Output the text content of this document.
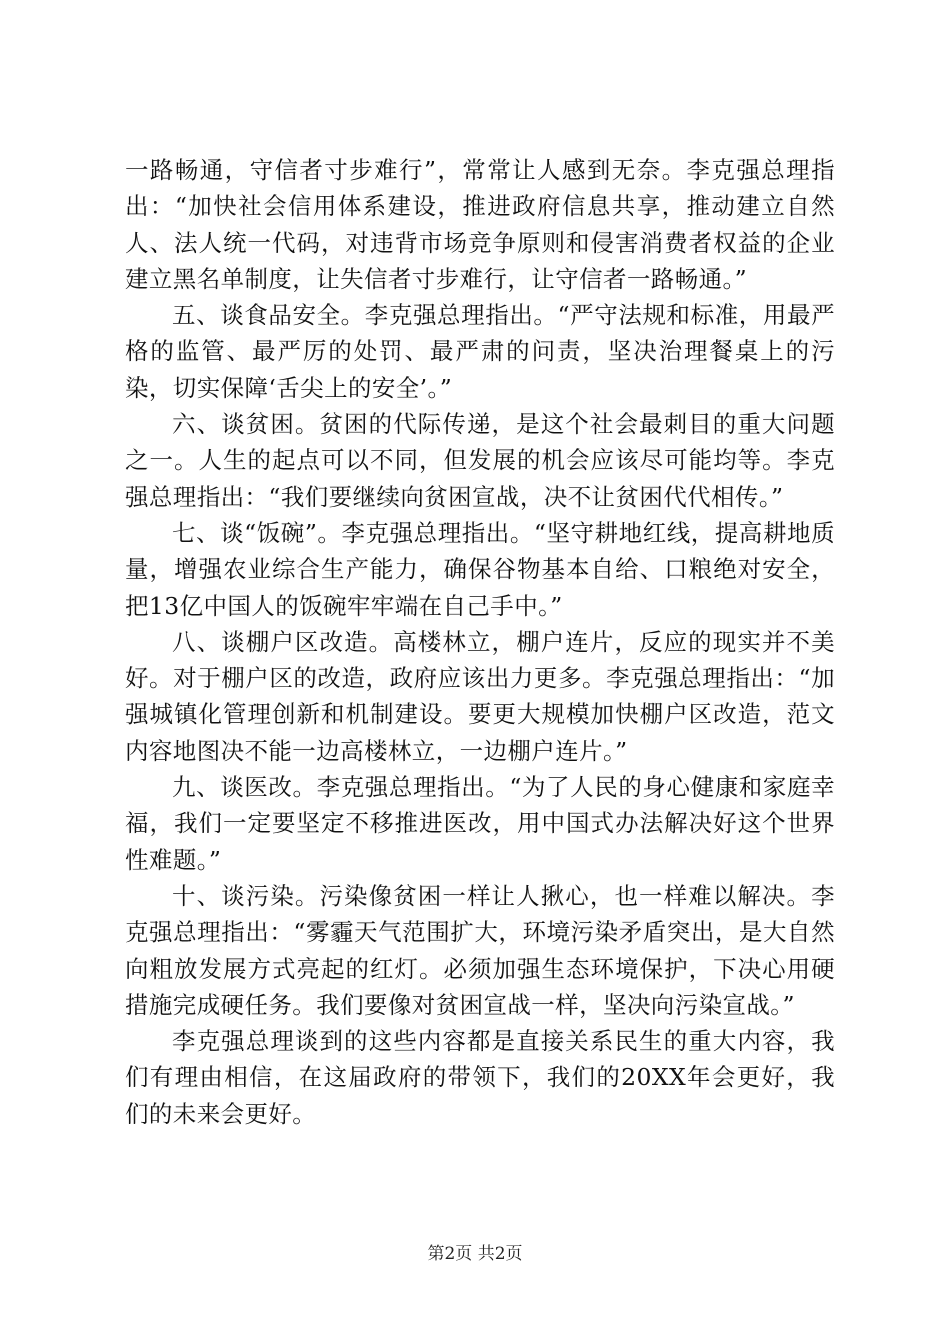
一路畅通，守信者寸步难行”，常常让人感到无奈。李克强总理指出：“加快社会信用体系建设，推进政府信息共享，推动建立自然人、法人统一代码，对违背市场竞争原则和侵害消费者权益的企业建立黑名单制度，让失信者寸步难行，让守信者一路畅通。”

五、谈食品安全。李克强总理指出。“严守法规和标准，用最严格的监管、最严厉的处罚、最严肃的问责，坚决治理餐桌上的污染，切实保障‘舌尖上的安全’。”

六、谈贫困。贫困的代际传递，是这个社会最刺目的重大问题之一。人生的起点可以不同，但发展的机会应该尽可能均等。李克强总理指出：“我们要继续向贫困宣战，决不让贫困代代相传。”

七、谈“饭碗”。李克强总理指出。“坚守耕地红线，提高耕地质量，增强农业综合生产能力，确保谷物基本自给、口粮绝对安全，把13亿中国人的饭碗牢牢端在自己手中。”

八、谈棚户区改造。高楼林立，棚户连片，反应的现实并不美好。对于棚户区的改造，政府应该出力更多。李克强总理指出：“加强城镇化管理创新和机制建设。要更大规模加快棚户区改造，范文内容地图决不能一边高楼林立，一边棚户连片。”

九、谈医改。李克强总理指出。“为了人民的身心健康和家庭幸福，我们一定要坚定不移推进医改，用中国式办法解决好这个世界性难题。”

十、谈污染。污染像贫困一样让人揪心，也一样难以解决。李克强总理指出：“雾霾天气范围扩大，环境污染矛盾突出，是大自然向粗放发展方式亮起的红灯。必须加强生态环境保护，下决心用硬措施完成硬任务。我们要像对贫困宣战一样，坚决向污染宣战。”

李克强总理谈到的这些内容都是直接关系民生的重大内容，我们有理由相信，在这届政府的带领下，我们的20XX年会更好，我们的未来会更好。

第2页 共2页
